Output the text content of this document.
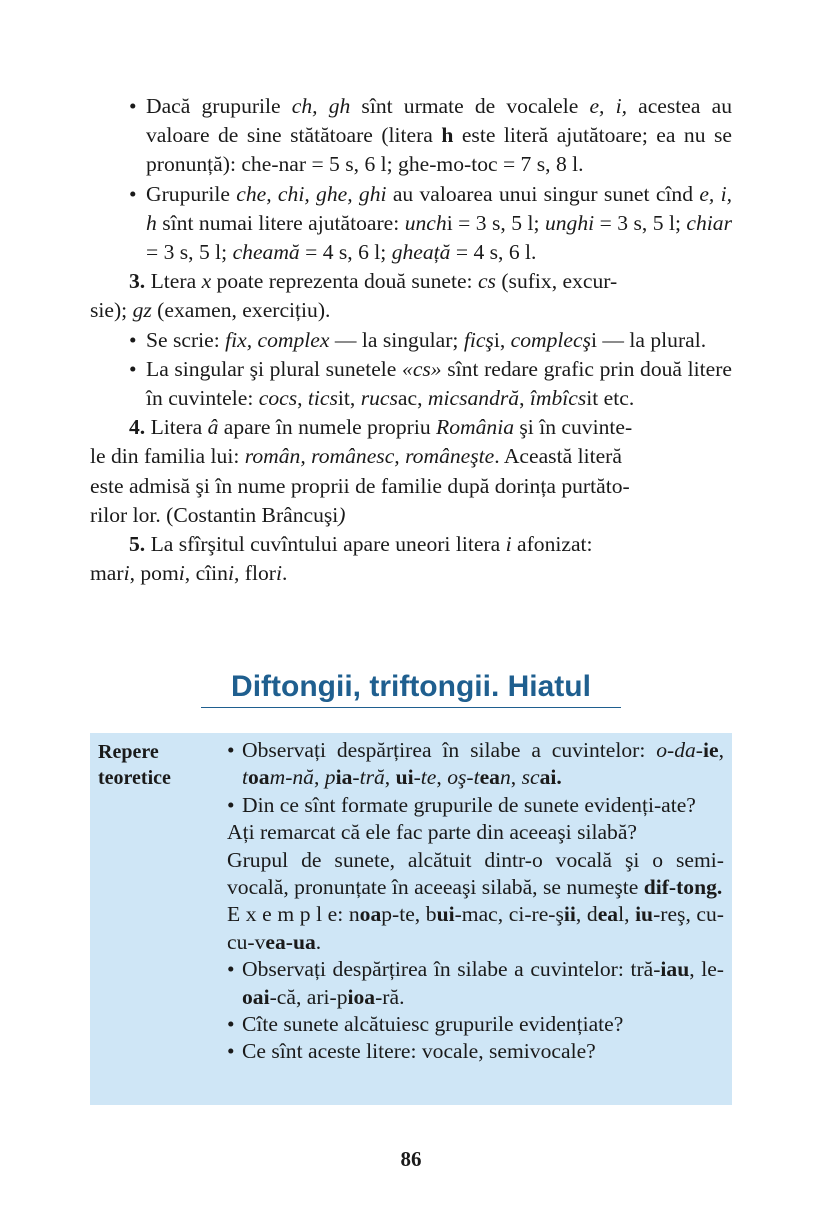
• Dacă grupurile ch, gh sînt urmate de vocalele e, i, acestea au valoare de sine stătătoare (litera h este literă ajutătoare; ea nu se pronunță): che-nar = 5 s, 6 l; ghe-mo-toc = 7 s, 8 l.
• Grupurile che, chi, ghe, ghi au valoarea unui singur sunet cînd e, i, h sînt numai litere ajutătoare: unchi = 3 s, 5 l; unghi = 3 s, 5 l; chiar = 3 s, 5 l; cheamă = 4 s, 6 l; gheață = 4 s, 6 l.
3. Ltera x poate reprezenta două sunete: cs (sufix, excur-
sie); gz (examen, exercițiu).
• Se scrie: fix, complex — la singular; ficşi, complecşi — la plural.
• La singular şi plural sunetele «cs» sînt redare grafic prin două litere în cuvintele: cocs, ticsit, rucsac, micsandră, îmbîcsit etc.
4. Litera â apare în numele propriu România şi în cuvinte-
le din familia lui: român, românesc, româneşte. Această literă
este admisă şi în nume proprii de familie după dorința purtăto-
rilor lor. (Costantin Brâncuşi)
5. La sfîrşitul cuvîntului apare uneori litera i afonizat:
mari, pomi, cîini, flori.
Diftongii, triftongii. Hiatul
Repere
teoretice
• Observați despărțirea în silabe a cuvintelor: o-da-ie, toam-nă, pia-tră, ui-te, oş-tean, scai.
• Din ce sînt formate grupurile de sunete evidenți-ate?
Ați remarcat că ele fac parte din aceeaşi silabă?
Grupul de sunete, alcătuit dintr-o vocală şi o semi-vocală, pronunțate în aceeaşi silabă, se numeşte dif-tong.
E x e m p l e: noap-te, bui-mac, ci-re-şii, deal, iu-reş, cu-cu-vea-ua.
• Observați despărțirea în silabe a cuvintelor: tră-iau, le-oai-că, ari-pioa-ră.
• Cîte sunete alcătuiesc grupurile evidențiate?
• Ce sînt aceste litere: vocale, semivocale?
86
